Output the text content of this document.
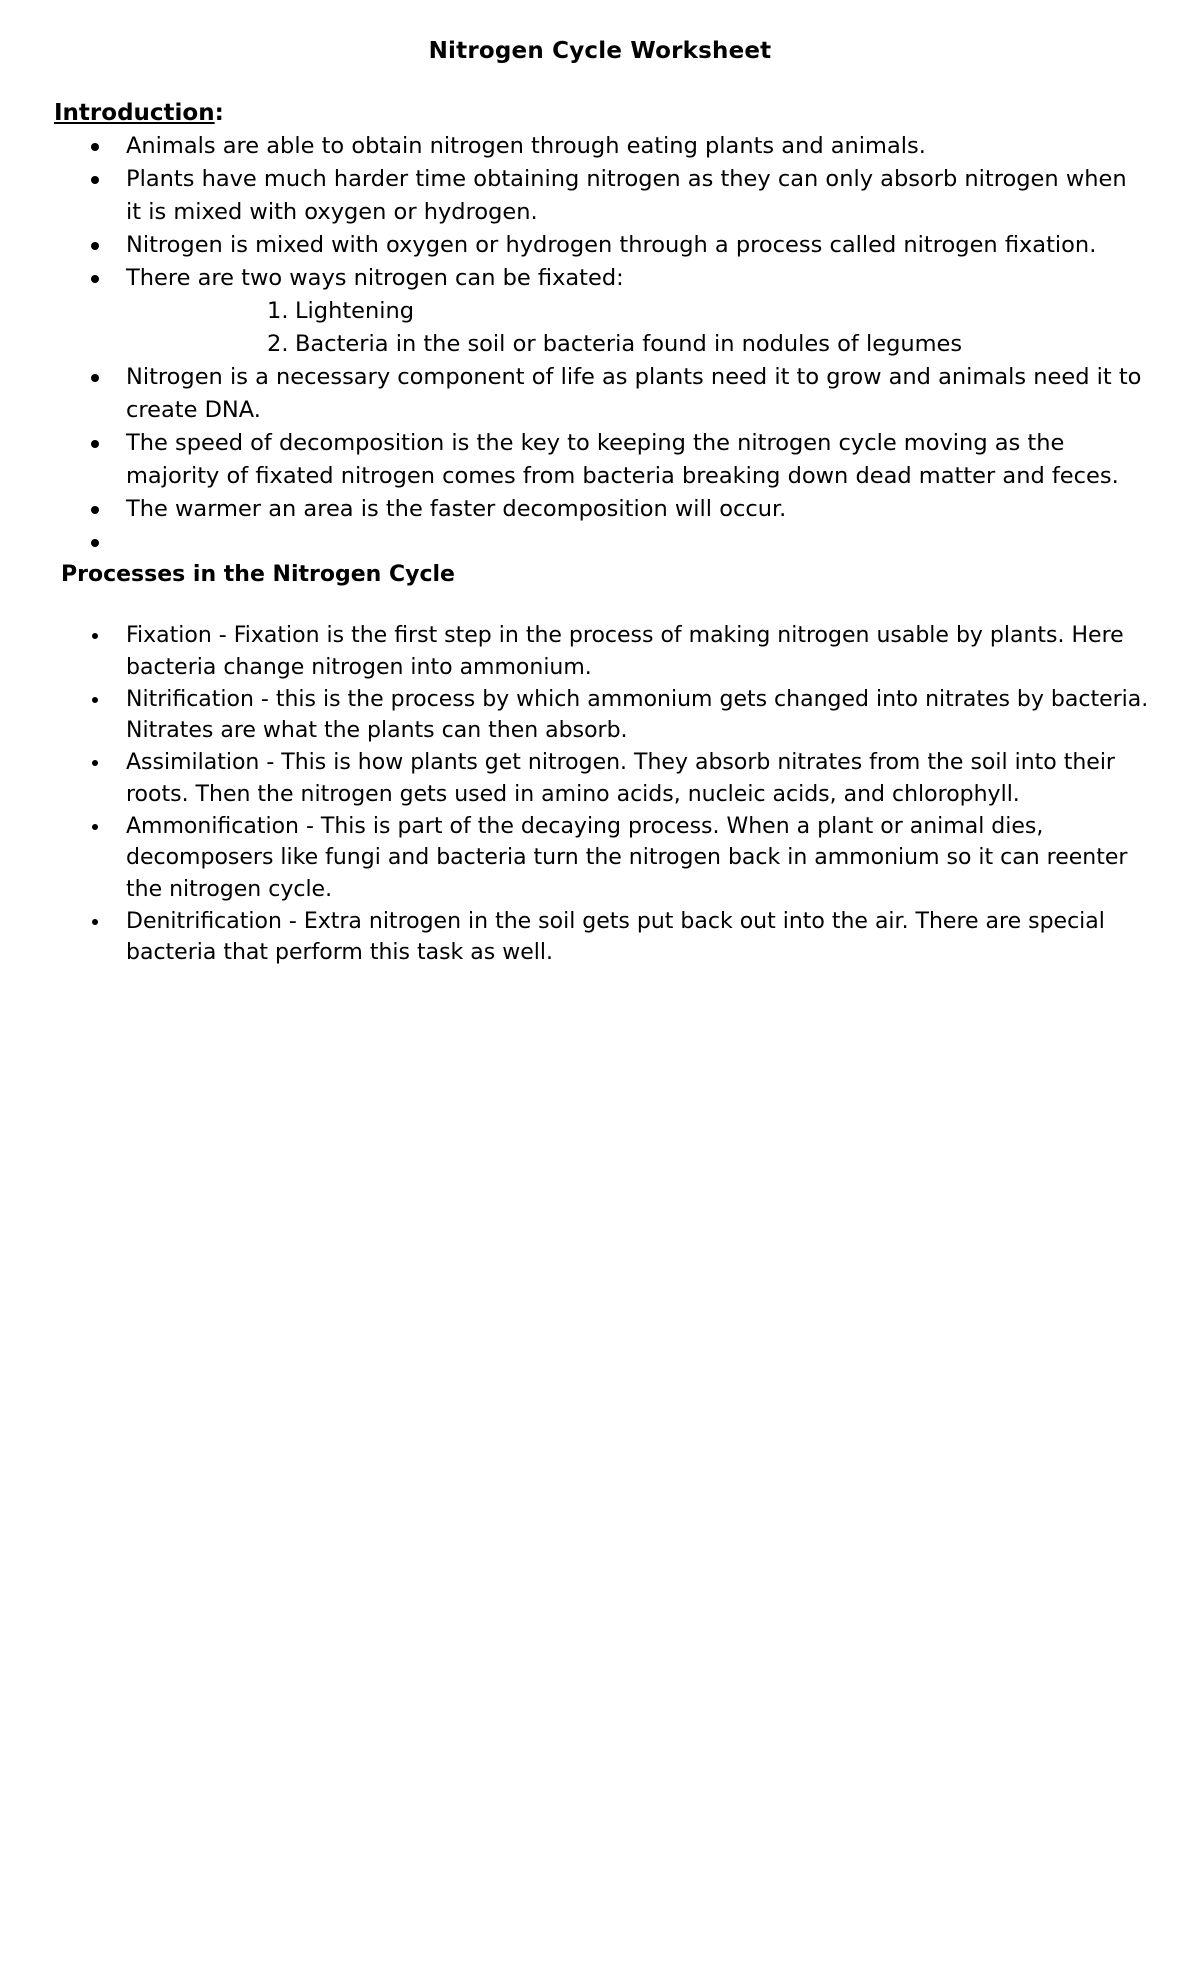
Nitrogen Cycle Worksheet
Introduction:
Animals are able to obtain nitrogen through eating plants and animals.
Plants have much harder time obtaining nitrogen as they can only absorb nitrogen when it is mixed with oxygen or hydrogen.
Nitrogen is mixed with oxygen or hydrogen through a process called nitrogen fixation.
There are two ways nitrogen can be fixated:
1. Lightening
2. Bacteria in the soil or bacteria found in nodules of legumes
Nitrogen is a necessary component of life as plants need it to grow and animals need it to create DNA.
The speed of decomposition is the key to keeping the nitrogen cycle moving as the majority of fixated nitrogen comes from bacteria breaking down dead matter and feces.
The warmer an area is the faster decomposition will occur.
Processes in the Nitrogen Cycle
Fixation - Fixation is the first step in the process of making nitrogen usable by plants. Here bacteria change nitrogen into ammonium.
Nitrification - this is the process by which ammonium gets changed into nitrates by bacteria. Nitrates are what the plants can then absorb.
Assimilation - This is how plants get nitrogen. They absorb nitrates from the soil into their roots. Then the nitrogen gets used in amino acids, nucleic acids, and chlorophyll.
Ammonification - This is part of the decaying process. When a plant or animal dies, decomposers like fungi and bacteria turn the nitrogen back in ammonium so it can reenter the nitrogen cycle.
Denitrification - Extra nitrogen in the soil gets put back out into the air. There are special bacteria that perform this task as well.
